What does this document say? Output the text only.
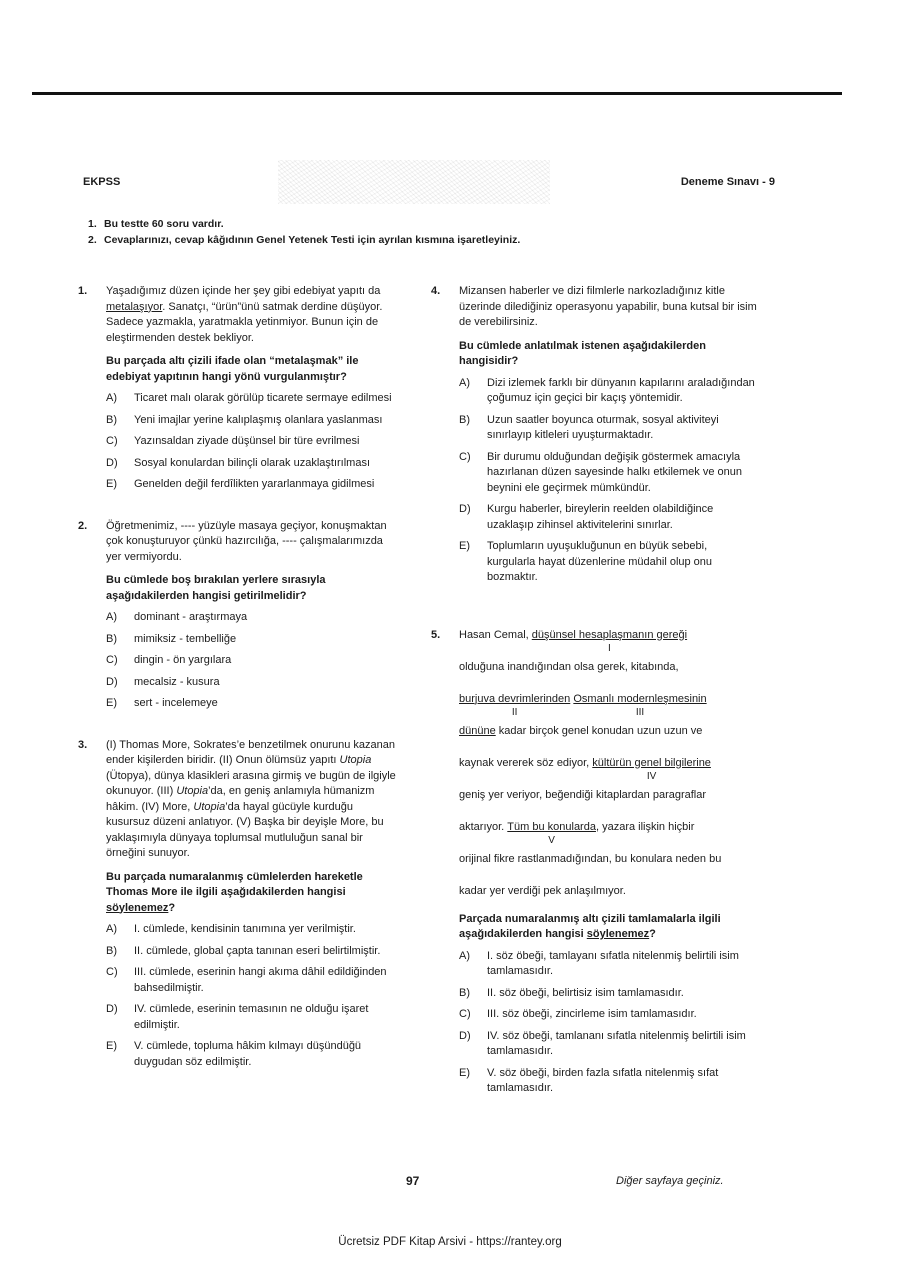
EKPSS	Deneme Sınavı - 9
1. Bu testte 60 soru vardır.
2. Cevaplarınızı, cevap kâğıdının Genel Yetenek Testi için ayrılan kısmına işaretleyiniz.
1. Yaşadığımız düzen içinde her şey gibi edebiyat yapıtı da metalaşıyor. Sanatçı, “ürün”ünü satmak derdine düşüyor. Sadece yazmakla, yaratmakla yetinmiyor. Bunun için de eleştirmenden destek bekliyor.

Bu parçada altı çizili ifade olan “metalaşmak” ile edebiyat yapıtının hangi yönü vurgulanmıştır?

A) Ticaret malı olarak görülüp ticarete sermaye edilmesi
B) Yeni imajlar yerine kalıplaşmış olanlara yaslanması
C) Yazınsaldan ziyade düşünsel bir türe evrilmesi
D) Sosyal konulardan bilinçli olarak uzaklaştırılması
E) Genelden değil ferdîlikten yararlanmaya gidilmesi
2. Öğretmenimiz, ---- yüzüyle masaya geçiyor, konuşmaktan çok konuşturuyor çünkü hazırcılığa, ---- çalışmalarımızda yer vermiyordu.

Bu cümlede boş bırakılan yerlere sırasıyla aşağıdakilerden hangisi getirilmelidir?

A) dominant - araştırmaya
B) mimiksiz - tembelliğe
C) dingin - ön yargılara
D) mecalsiz - kusura
E) sert - incelemeye
3. (I) Thomas More, Sokrates’e benzetilmek onurunu kazanan ender kişilerden biridir. (II) Onun ölümsüz yapıtı Utopia (Ütopya), dünya klasikleri arasına girmiş ve bugün de ilgiyle okunuyor. (III) Utopia’da, en geniş anlamıyla hümanizm hâkim. (IV) More, Utopia’da hayal gücüyle kurduğu kusursuz düzeni anlatıyor. (V) Başka bir deyişle More, bu yaklaşımıyla dünyaya toplumsal mutluluğun sanal bir örneğini sunuyor.

Bu parçada numaralanmış cümlelerden hareketle Thomas More ile ilgili aşağıdakilerden hangisi söylenemez?

A) I. cümlede, kendisinin tanımına yer verilmiştir.
B) II. cümlede, global çapta tanınan eseri belirtilmiştir.
C) III. cümlede, eserinin hangi akıma dâhil edildiğinden bahsedilmiştir.
D) IV. cümlede, eserinin temasının ne olduğu işaret edilmiştir.
E) V. cümlede, topluma hâkim kılmayı düşündüğü duygudan söz edilmiştir.
4. Mizansen haberler ve dizi filmlerle narkozladığınız kitle üzerinde dilediğiniz operasyonu yapabilir, buna kutsal bir isim de verebilirsiniz.

Bu cümlede anlatılmak istenen aşağıdakilerden hangisidir?

A) Dizi izlemek farklı bir dünyanın kapılarını araladığından çoğumuz için geçici bir kaçış yöntemidir.
B) Uzun saatler boyunca oturmak, sosyal aktiviteyi sınırlayıp kitleleri uyuşturmaktadır.
C) Bir durumu olduğundan değişik göstermek amacıyla hazırlanan düzen sayesinde halkı etkilemek ve onun beynini ele geçirmek mümkündür.
D) Kurgu haberler, bireylerin reelden olabildiğince uzaklaşıp zihinsel aktivitelerini sınırlar.
E) Toplumların uyuşukluğunun en büyük sebebi, kurgularla hayat düzenlerine müdahil olup onu bozmaktır.
5. Hasan Cemal, düşünsel hesaplaşmanın gereği
I

olduğuna inandığından olsa gerek, kitabında,

burjuva devrimlerinden
II
Osmanlı modernleşmesinin
III

dününe kadar birçok genel konudan uzun uzun ve

kaynak vererek söz ediyor, kültürün genel bilgilerine
IV

geniş yer veriyor, beğendiği kitaplardan paragraflar

aktarıyor. Tüm bu konularda
V
, yazara ilişkin hiçbir

orijinal fikre rastlanmadığından, bu konulara neden bu

kadar yer verdiği pek anlaşılmıyor.

Parçada numaralanmış altı çizili tamlamalarla ilgili aşağıdakilerden hangisi söylenemez?

A) I. söz öbeği, tamlayanı sıfatla nitelenmiş belirtili isim tamlamasıdır.
B) II. söz öbeği, belirtisiz isim tamlamasıdır.
C) III. söz öbeği, zincirleme isim tamlamasıdır.
D) IV. söz öbeği, tamlananı sıfatla nitelenmiş belirtili isim tamlamasıdır.
E) V. söz öbeği, birden fazla sıfatla nitelenmiş sıfat tamlamasıdır.
97	Diğer sayfaya geçiniz.
Ücretsiz PDF Kitap Arsivi - https://rantey.org
